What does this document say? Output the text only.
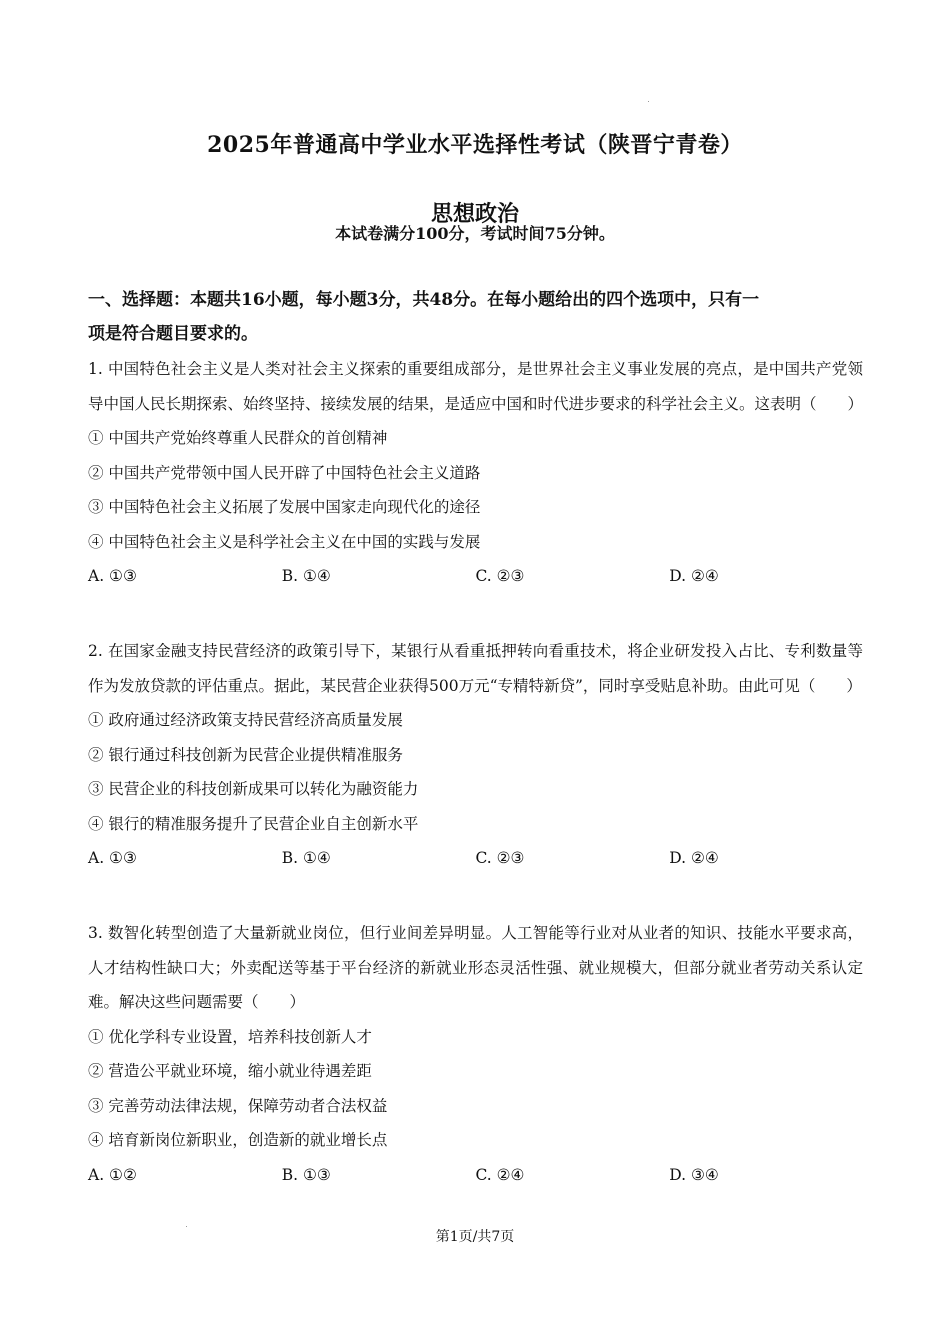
2025年普通高中学业水平选择性考试（陕晋宁青卷）
思想政治
本试卷满分100分，考试时间75分钟。
一、选择题：本题共16小题，每小题3分，共48分。在每小题给出的四个选项中，只有一
项是符合题目要求的。
1. 中国特色社会主义是人类对社会主义探索的重要组成部分，是世界社会主义事业发展的亮点，是中国共产党领导中国人民长期探索、始终坚持、接续发展的结果，是适应中国和时代进步要求的科学社会主义。这表明（　　）
① 中国共产党始终尊重人民群众的首创精神
② 中国共产党带领中国人民开辟了中国特色社会主义道路
③ 中国特色社会主义拓展了发展中国家走向现代化的途径
④ 中国特色社会主义是科学社会主义在中国的实践与发展
A. ①③	B. ①④	C. ②③	D. ②④
2. 在国家金融支持民营经济的政策引导下，某银行从看重抵押转向看重技术，将企业研发投入占比、专利数量等作为发放贷款的评估重点。据此，某民营企业获得500万元“专精特新贷”，同时享受贴息补助。由此可见（　　）
① 政府通过经济政策支持民营经济高质量发展
② 银行通过科技创新为民营企业提供精准服务
③ 民营企业的科技创新成果可以转化为融资能力
④ 银行的精准服务提升了民营企业自主创新水平
A. ①③	B. ①④	C. ②③	D. ②④
3. 数智化转型创造了大量新就业岗位，但行业间差异明显。人工智能等行业对从业者的知识、技能水平要求高，人才结构性缺口大；外卖配送等基于平台经济的新就业形态灵活性强、就业规模大，但部分就业者劳动关系认定难。解决这些问题需要（　　）
① 优化学科专业设置，培养科技创新人才
② 营造公平就业环境，缩小就业待遇差距
③ 完善劳动法律法规，保障劳动者合法权益
④ 培育新岗位新职业，创造新的就业增长点
A. ①②	B. ①③	C. ②④	D. ③④
第1页/共7页
